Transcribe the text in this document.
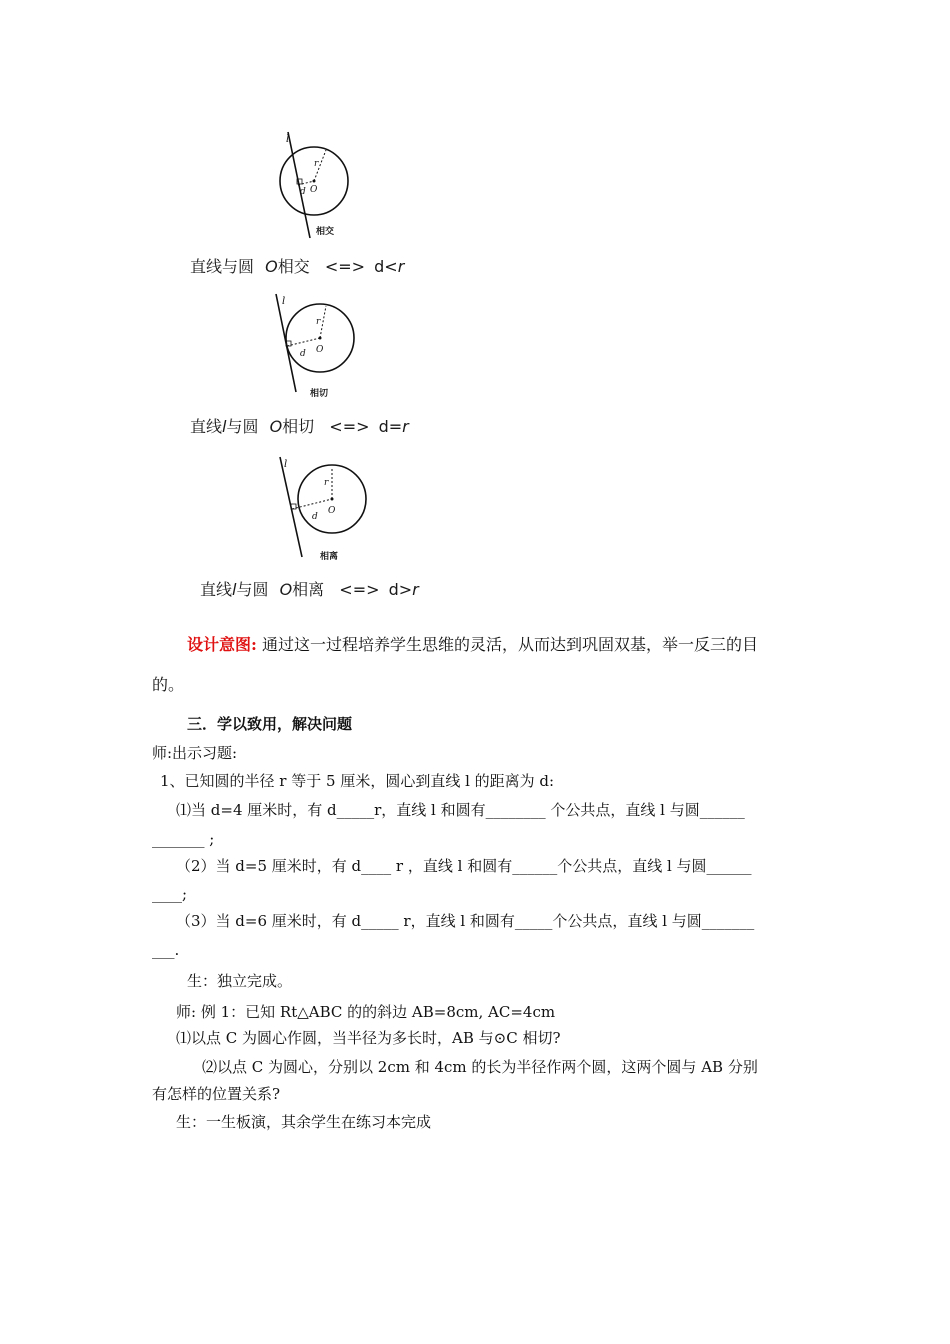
l
r
d O
相交
直线与圆 O相交 <=> d<r
l
r
d O
相切
直线l与圆 O相切 <=> d=r
l
r
d
O
相离
直线l与圆 O相离 <=> d>r
设计意图: 通过这一过程培养学生思维的灵活，从而达到巩固双基，举一反三的目
的。
三．学以致用，解决问题
师:出示习题:
1、已知圆的半径 r 等于 5 厘米，圆心到直线 l 的距离为 d:
⑴当 d=4 厘米时，有 d_____r，直线 l 和圆有________ 个公共点，直线 l 与圆______
_______ ;
（2）当 d=5 厘米时，有 d____ r ，直线 l 和圆有______个公共点，直线 l 与圆______
____;
（3）当 d=6 厘米时，有 d_____ r，直线 l 和圆有_____个公共点，直线 l 与圆_______
___.
生：独立完成。
师: 例 1：已知 Rt△ABC 的的斜边 AB=8cm, AC=4cm
⑴以点 C 为圆心作圆，当半径为多长时，AB 与⊙C 相切?
⑵以点 C 为圆心，分别以 2cm 和 4cm 的长为半径作两个圆，这两个圆与 AB 分别
有怎样的位置关系?
生：一生板演，其余学生在练习本完成
